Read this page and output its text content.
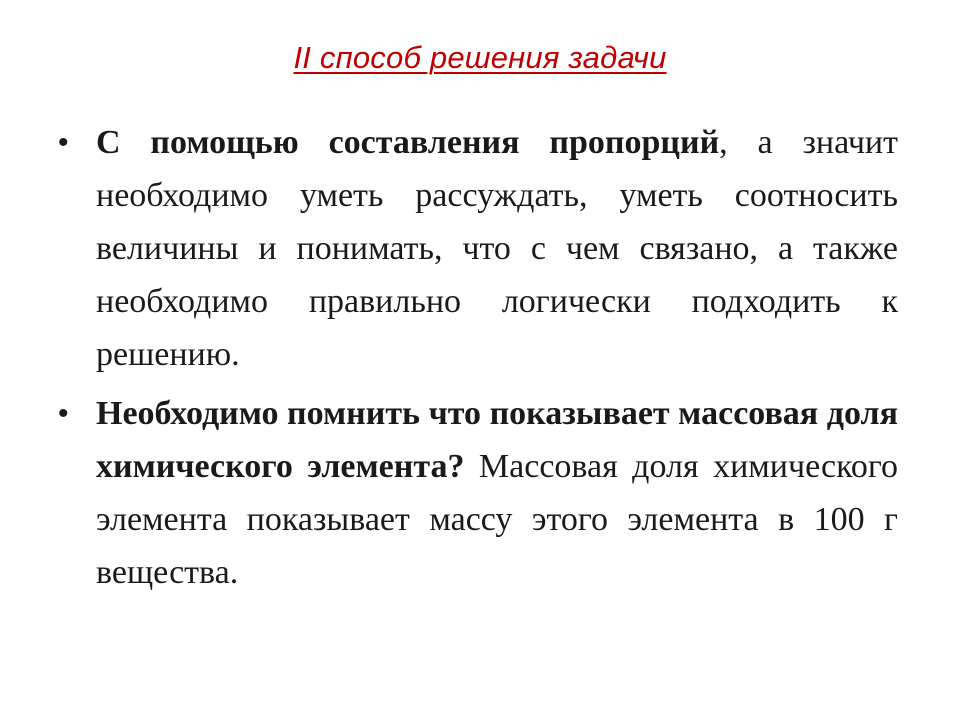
II способ решения задачи
• С помощью составления пропорций, а значит необходимо уметь рассуждать, уметь соотносить величины и понимать, что с чем связано, а также необходимо правильно логически подходить к решению.
• Необходимо помнить что показывает массовая доля химического элемента? Массовая доля химического элемента показывает массу этого элемента в 100 г вещества.
